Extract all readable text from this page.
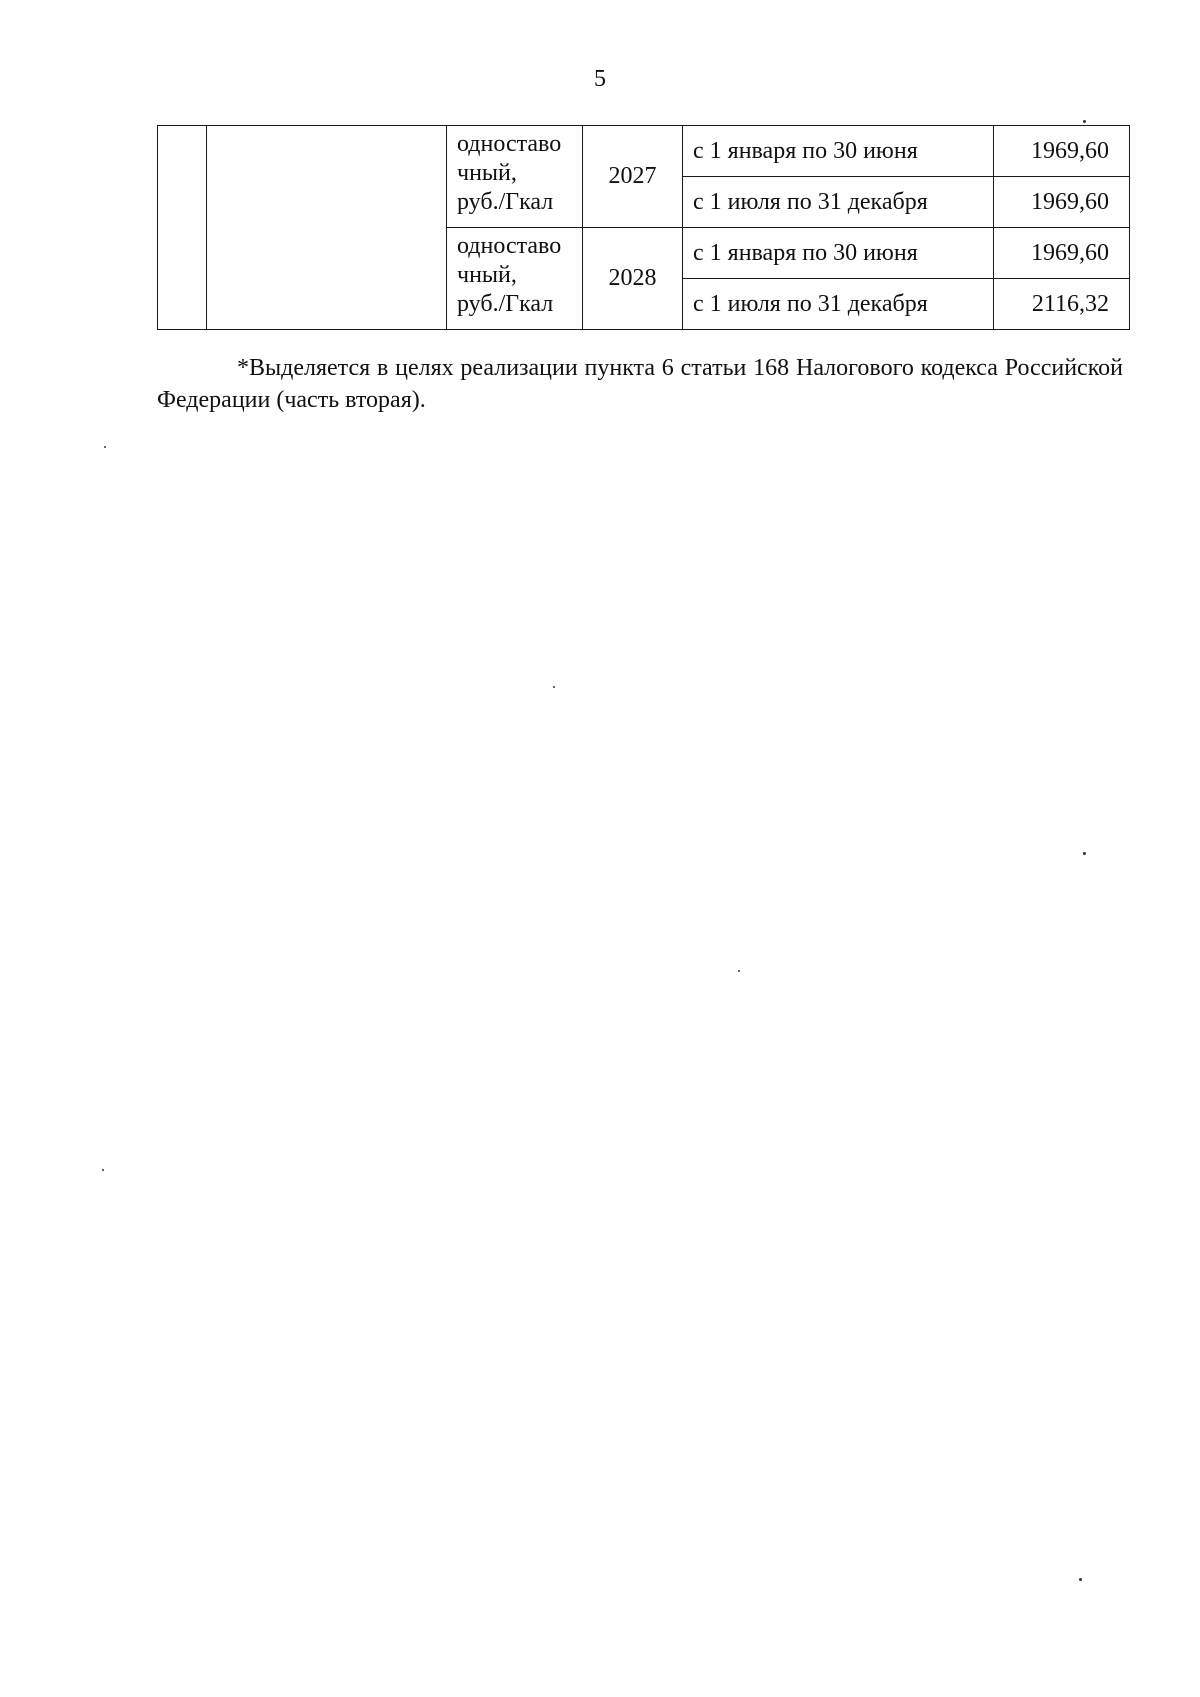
5
		одноставо
чный,
руб./Гкал	2027	с 1 января по 30 июня	1969,60
				с 1 июля по 31 декабря	1969,60
		одноставо
чный,
руб./Гкал	2028	с 1 января по 30 июня	1969,60
				с 1 июля по 31 декабря	2116,32

*Выделяется в целях реализации пункта 6 статьи 168 Налогового кодекса Российской Федерации (часть вторая).
